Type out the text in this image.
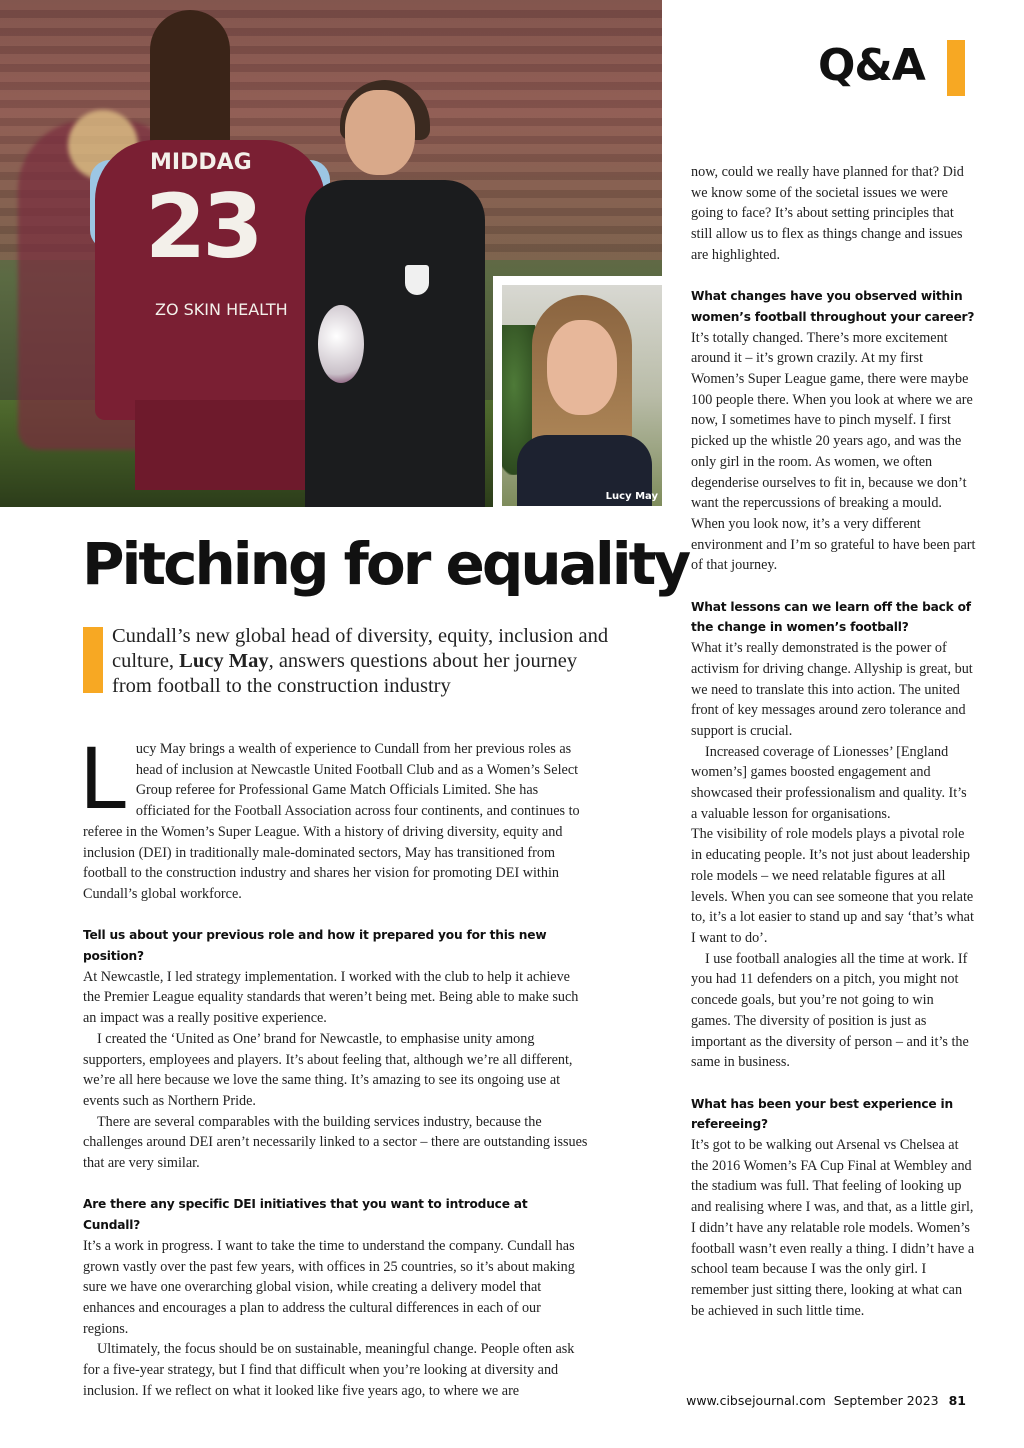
MIDDAG
23
ZO SKIN HEALTH
Lucy May
Q&A
Pitching for equality
Cundall’s new global head of diversity, equity, inclusion and culture, Lucy May, answers questions about her journey from football to the construction industry

Lucy May brings a wealth of experience to Cundall from her previous roles as head of inclusion at Newcastle United Football Club and as a Women’s Select Group referee for Professional Game Match Officials Limited. She has officiated for the Football Association across four continents, and continues to referee in the Women’s Super League. With a history of driving diversity, equity and inclusion (DEI) in traditionally male-dominated sectors, May has transitioned from football to the construction industry and shares her vision for promoting DEI within Cundall’s global workforce.

Tell us about your previous role and how it prepared you for this new position?

At Newcastle, I led strategy implementation. I worked with the club to help it achieve the Premier League equality standards that weren’t being met. Being able to make such an impact was a really positive experience.

I created the ‘United as One’ brand for Newcastle, to emphasise unity among supporters, employees and players. It’s about feeling that, although we’re all different, we’re all here because we love the same thing. It’s amazing to see its ongoing use at events such as Northern Pride.

There are several comparables with the building services industry, because the challenges around DEI aren’t necessarily linked to a sector – there are outstanding issues that are very similar.

Are there any specific DEI initiatives that you want to introduce at Cundall?

It’s a work in progress. I want to take the time to understand the company. Cundall has grown vastly over the past few years, with offices in 25 countries, so it’s about making sure we have one overarching global vision, while creating a delivery model that enhances and encourages a plan to address the cultural differences in each of our regions.

Ultimately, the focus should be on sustainable, meaningful change. People often ask for a five-year strategy, but I find that difficult when you’re looking at diversity and inclusion. If we reflect on what it looked like five years ago, to where we are

now, could we really have planned for that? Did we know some of the societal issues we were going to face? It’s about setting principles that still allow us to flex as things change and issues are highlighted.

What changes have you observed within women’s football throughout your career?

It’s totally changed. There’s more excitement around it – it’s grown crazily. At my first Women’s Super League game, there were maybe 100 people there. When you look at where we are now, I sometimes have to pinch myself. I first picked up the whistle 20 years ago, and was the only girl in the room. As women, we often degenderise ourselves to fit in, because we don’t want the repercussions of breaking a mould. When you look now, it’s a very different environment and I’m so grateful to have been part of that journey.

What lessons can we learn off the back of the change in women’s football?

What it’s really demonstrated is the power of activism for driving change. Allyship is great, but we need to translate this into action. The united front of key messages around zero tolerance and support is crucial.

Increased coverage of Lionesses’ [England women’s] games boosted engagement and showcased their professionalism and quality. It’s a valuable lesson for organisations.

The visibility of role models plays a pivotal role in educating people. It’s not just about leadership role models – we need relatable figures at all levels. When you can see someone that you relate to, it’s a lot easier to stand up and say ‘that’s what I want to do’.

I use football analogies all the time at work. If you had 11 defenders on a pitch, you might not concede goals, but you’re not going to win games. The diversity of position is just as important as the diversity of person – and it’s the same in business.

What has been your best experience in refereeing?

It’s got to be walking out Arsenal vs Chelsea at the 2016 Women’s FA Cup Final at Wembley and the stadium was full. That feeling of looking up and realising where I was, and that, as a little girl, I didn’t have any relatable role models. Women’s football wasn’t even really a thing. I didn’t have a school team because I was the only girl. I remember just sitting there, looking at what can be achieved in such little time.

www.cibsejournal.com September 2023 81
